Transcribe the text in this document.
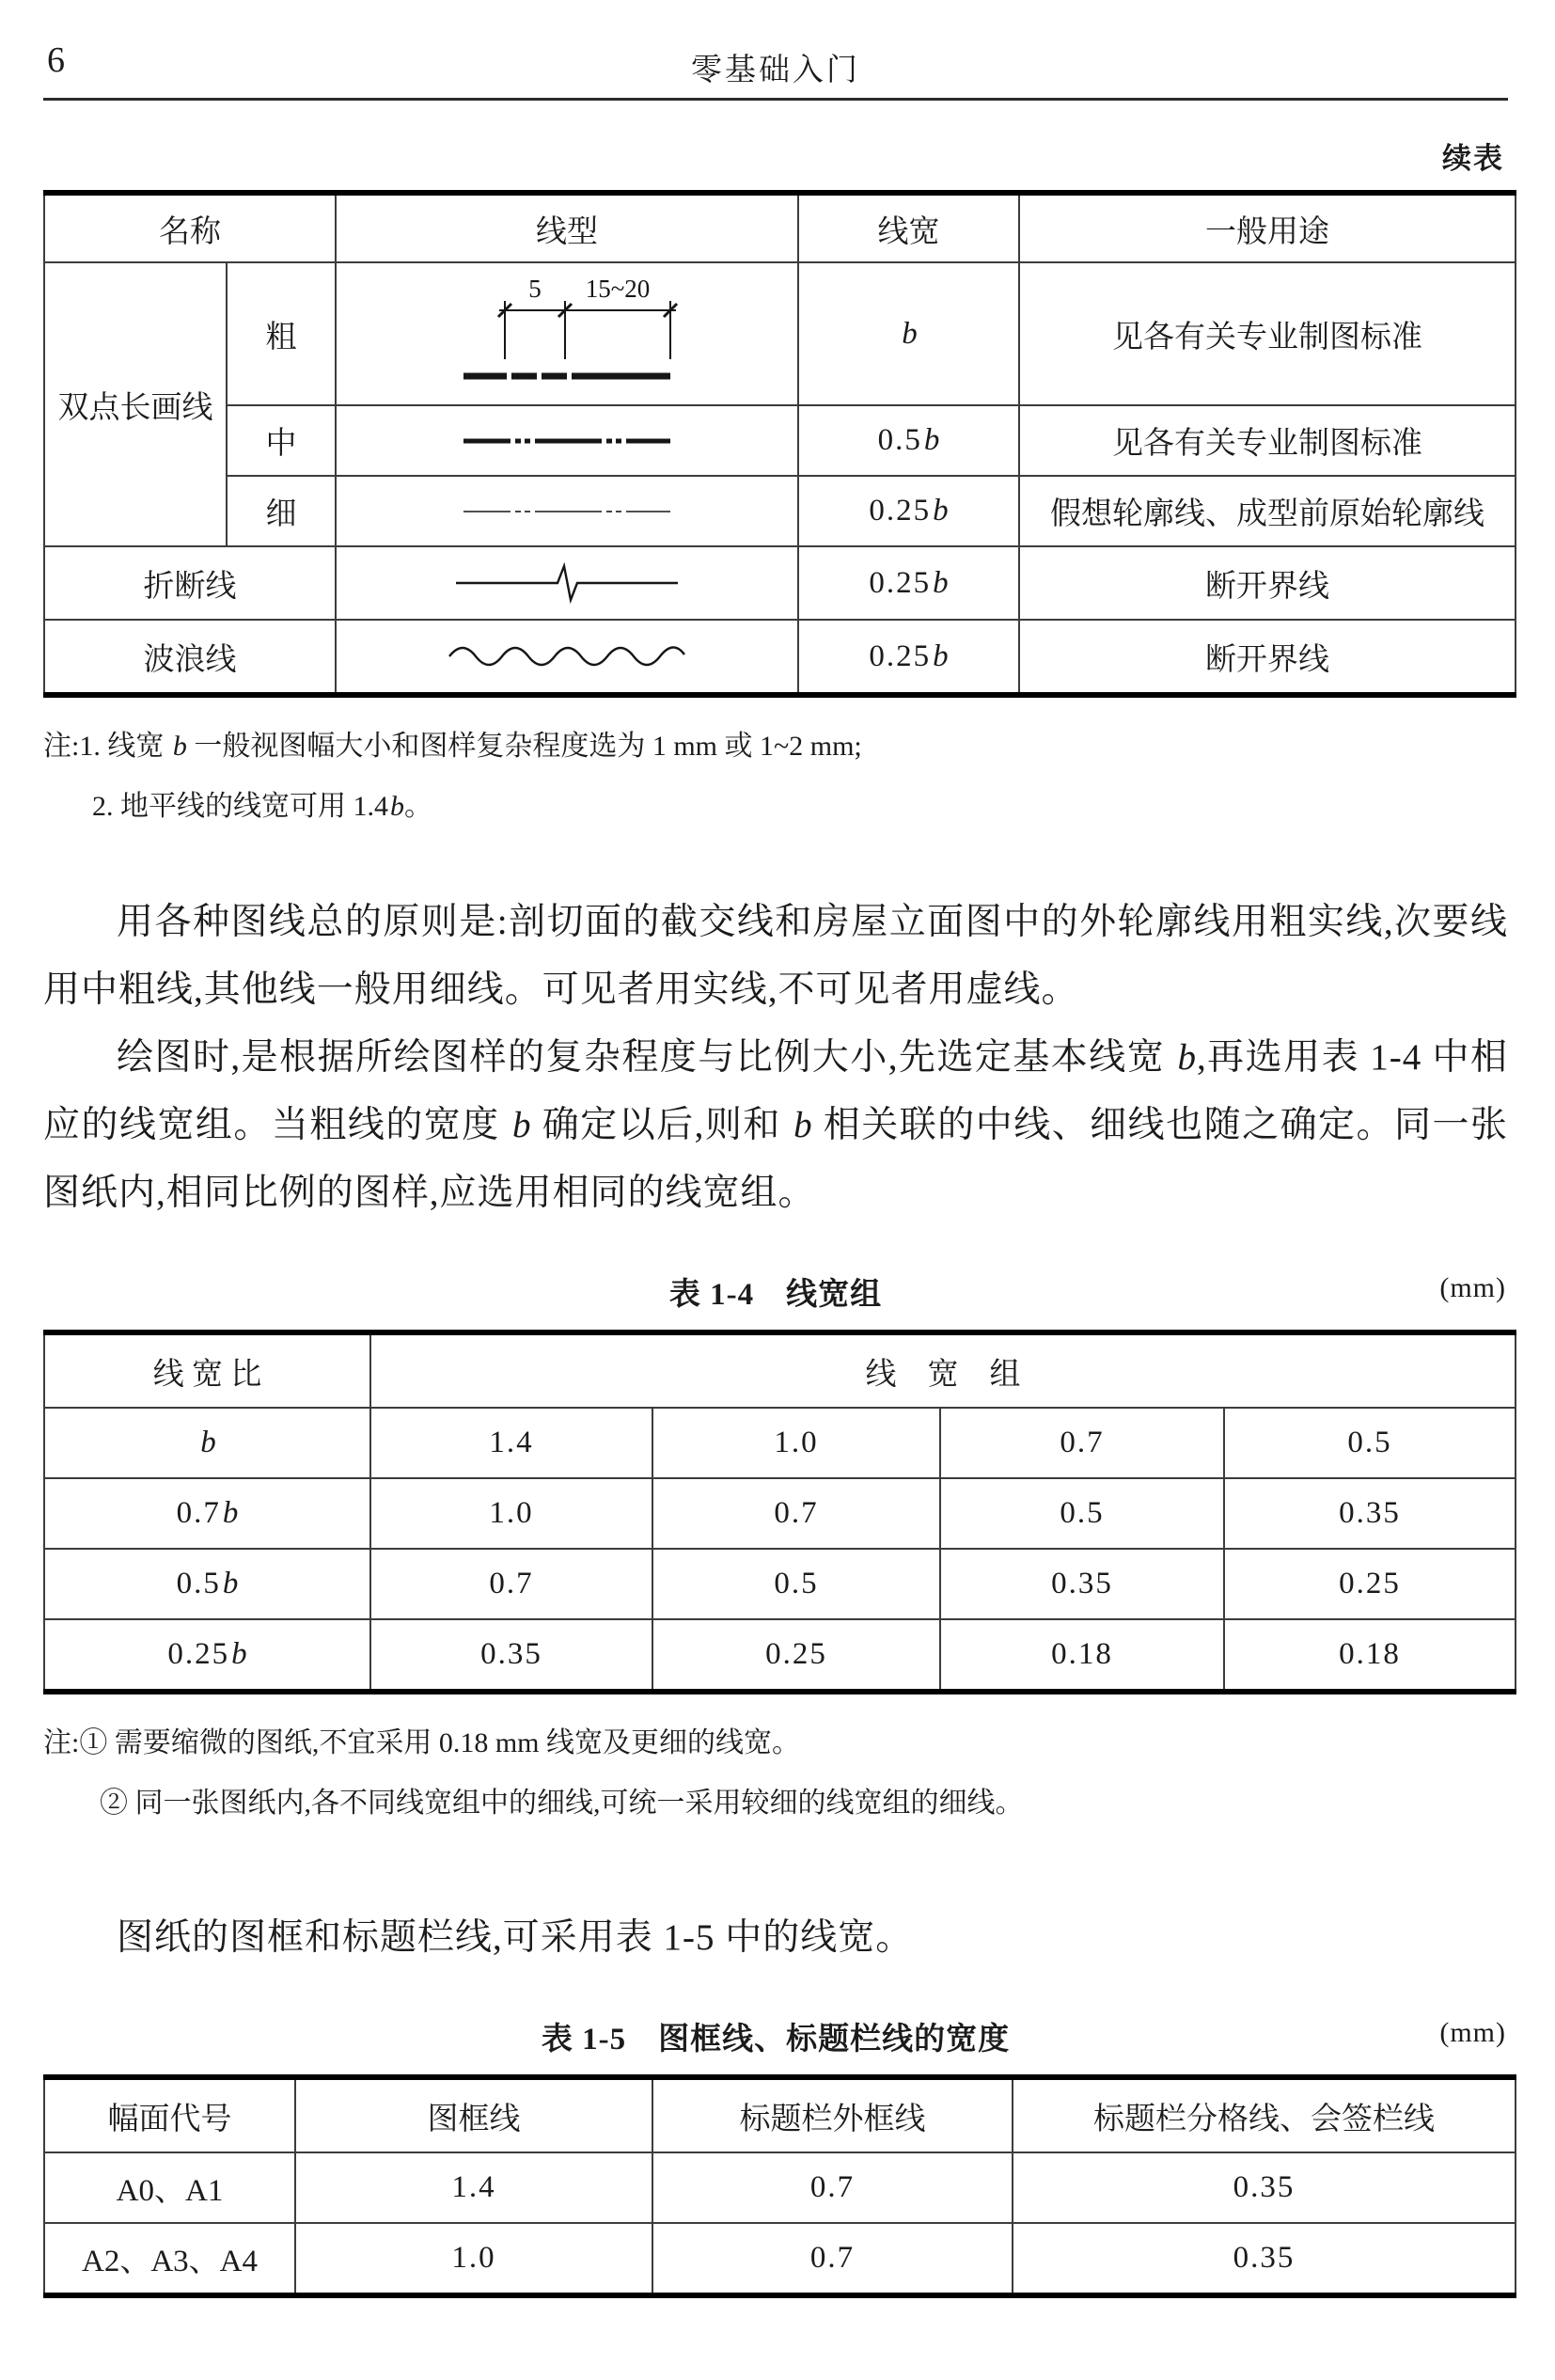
6	零基础入门
续表
名称		线型	线宽	一般用途
双点长画线	粗	5 15~20	b	见各有关专业制图标准
	中		0.5b	见各有关专业制图标准
	细		0.25b	假想轮廓线、成型前原始轮廓线
折断线			0.25b	断开界线
波浪线			0.25b	断开界线
注:1. 线宽 b 一般视图幅大小和图样复杂程度选为 1 mm 或 1~2 mm;
2. 地平线的线宽可用 1.4b。

用各种图线总的原则是:剖切面的截交线和房屋立面图中的外轮廓线用粗实线,次要线用中粗线,其他线一般用细线。可见者用实线,不可见者用虚线。

绘图时,是根据所绘图样的复杂程度与比例大小,先选定基本线宽 b,再选用表 1-4 中相应的线宽组。当粗线的宽度 b 确定以后,则和 b 相关联的中线、细线也随之确定。同一张图纸内,相同比例的图样,应选用相同的线宽组。

表 1-4　线宽组	(mm)
线 宽 比	线　宽　组			
b	1.4	1.0	0.7	0.5
0.7b	1.0	0.7	0.5	0.35
0.5b	0.7	0.5	0.35	0.25
0.25b	0.35	0.25	0.18	0.18
注:① 需要缩微的图纸,不宜采用 0.18 mm 线宽及更细的线宽。
② 同一张图纸内,各不同线宽组中的细线,可统一采用较细的线宽组的细线。

图纸的图框和标题栏线,可采用表 1-5 中的线宽。

表 1-5　图框线、标题栏线的宽度	(mm)
幅面代号	图框线	标题栏外框线	标题栏分格线、会签栏线
A0、A1	1.4	0.7	0.35
A2、A3、A4	1.0	0.7	0.35
